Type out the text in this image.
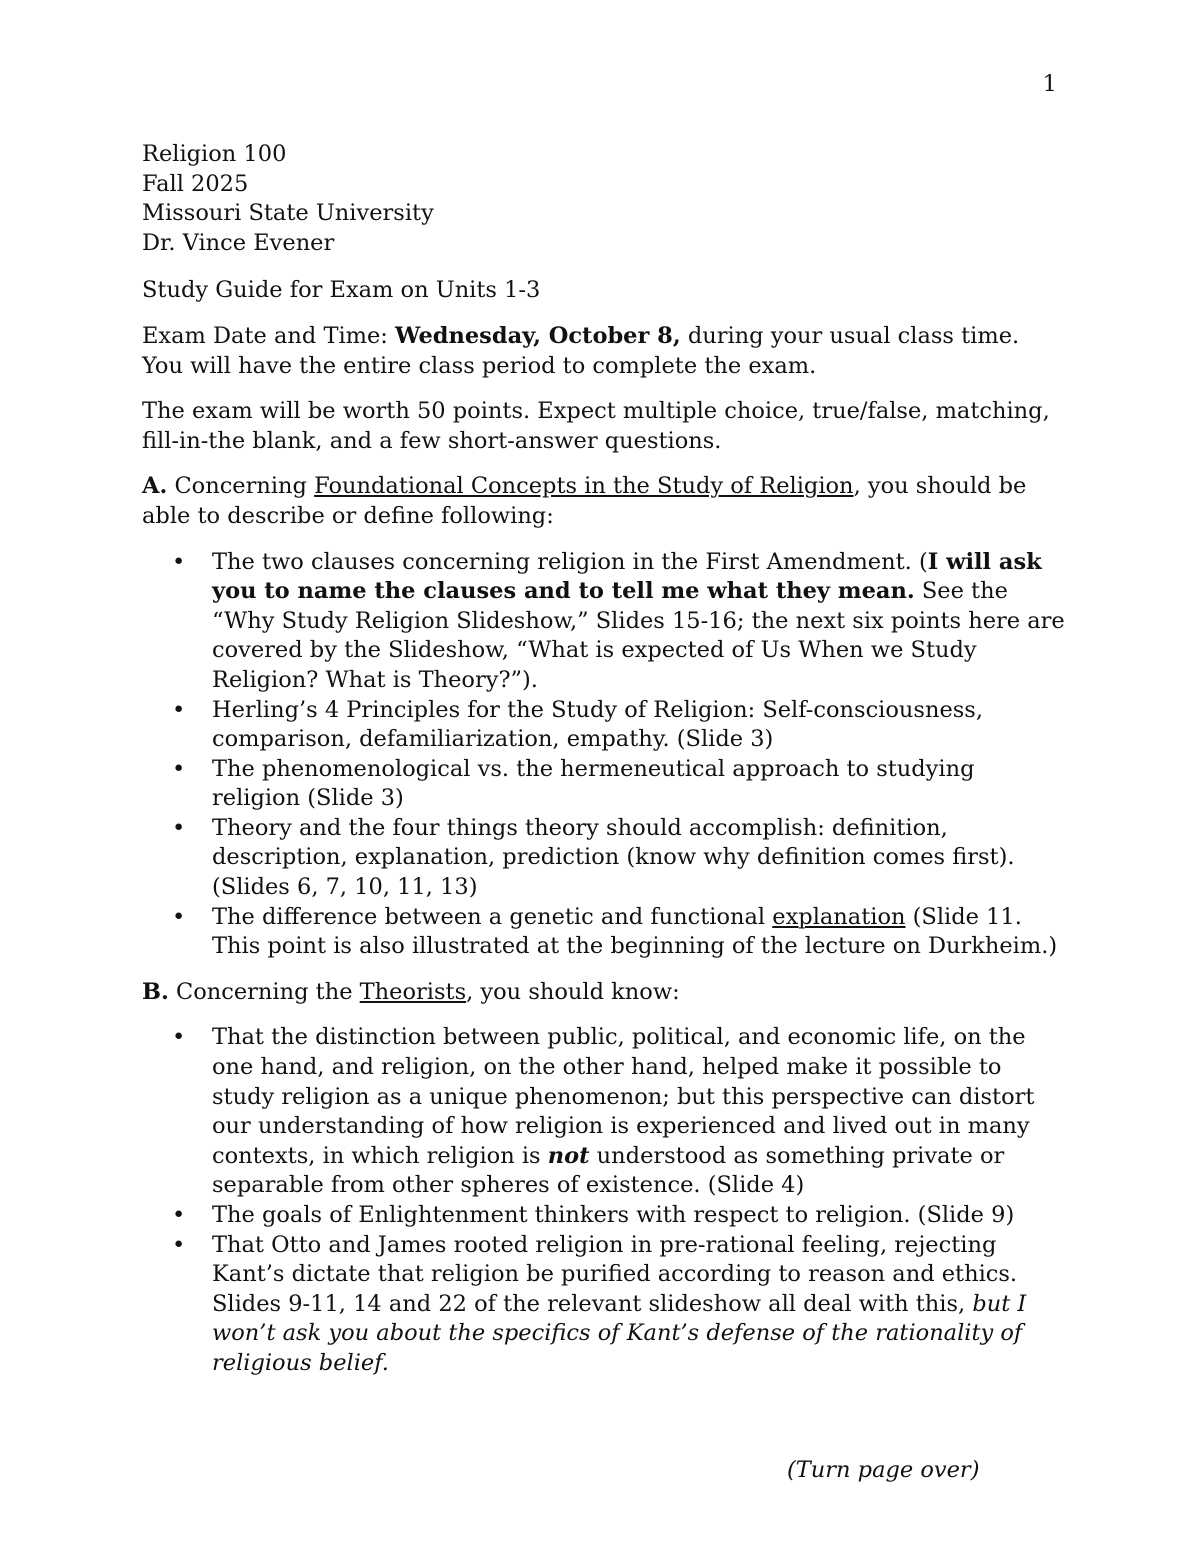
1
Religion 100
Fall 2025
Missouri State University
Dr. Vince Evener

Study Guide for Exam on Units 1-3

Exam Date and Time: Wednesday, October 8, during your usual class time. You will have the entire class period to complete the exam.

The exam will be worth 50 points. Expect multiple choice, true/false, matching, fill-in-the blank, and a few short-answer questions.

A. Concerning Foundational Concepts in the Study of Religion, you should be able to describe or define following:

• The two clauses concerning religion in the First Amendment. (I will ask you to name the clauses and to tell me what they mean. See the “Why Study Religion Slideshow,” Slides 15-16; the next six points here are covered by the Slideshow, “What is expected of Us When we Study Religion? What is Theory?”).
• Herling’s 4 Principles for the Study of Religion: Self-consciousness, comparison, defamiliarization, empathy. (Slide 3)
• The phenomenological vs. the hermeneutical approach to studying religion (Slide 3)
• Theory and the four things theory should accomplish: definition, description, explanation, prediction (know why definition comes first). (Slides 6, 7, 10, 11, 13)
• The difference between a genetic and functional explanation (Slide 11. This point is also illustrated at the beginning of the lecture on Durkheim.)

B. Concerning the Theorists, you should know:

• That the distinction between public, political, and economic life, on the one hand, and religion, on the other hand, helped make it possible to study religion as a unique phenomenon; but this perspective can distort our understanding of how religion is experienced and lived out in many contexts, in which religion is not understood as something private or separable from other spheres of existence. (Slide 4)
• The goals of Enlightenment thinkers with respect to religion. (Slide 9)
• That Otto and James rooted religion in pre-rational feeling, rejecting Kant’s dictate that religion be purified according to reason and ethics. Slides 9-11, 14 and 22 of the relevant slideshow all deal with this, but I won’t ask you about the specifics of Kant’s defense of the rationality of religious belief.
(Turn page over)
